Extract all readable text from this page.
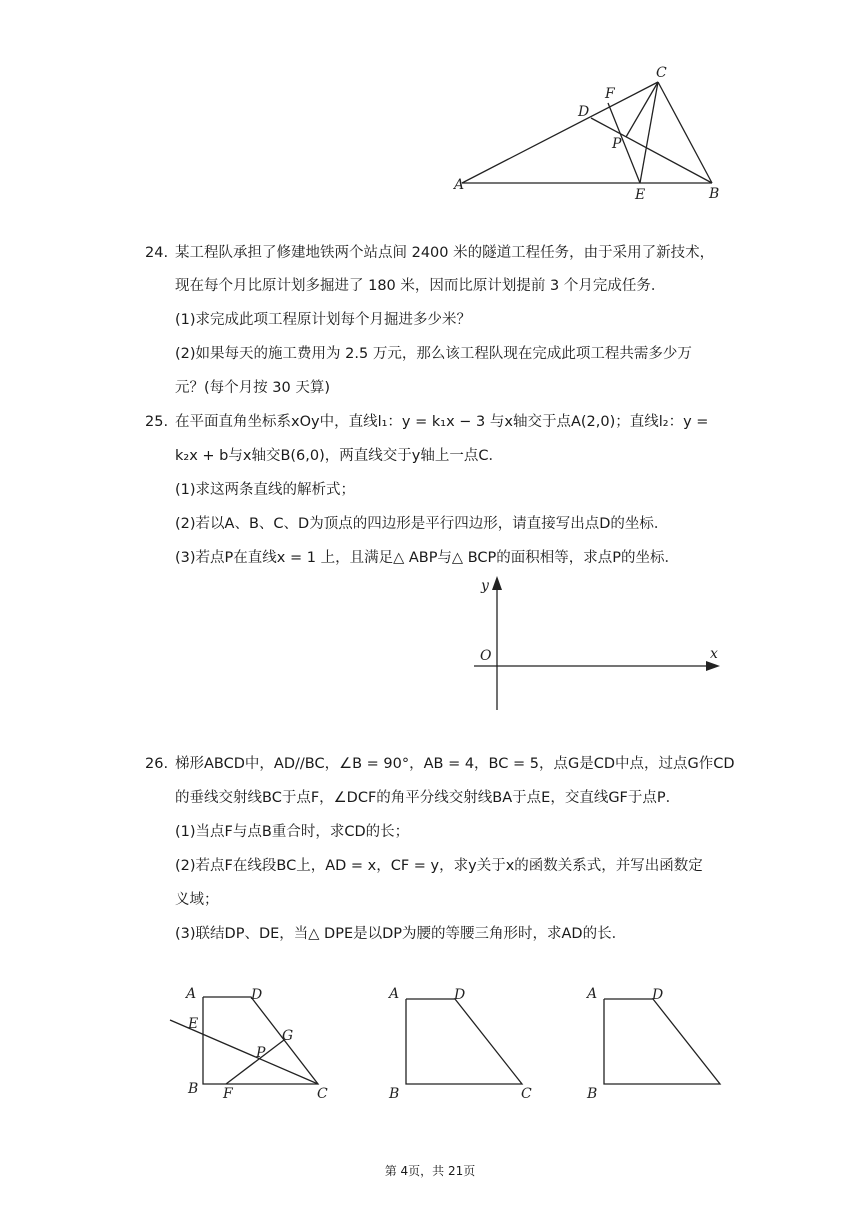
A
B
C
D
E
F
P
24. 某工程队承担了修建地铁两个站点间 2400 米的隧道工程任务，由于采用了新技术，
现在每个月比原计划多掘进了 180 米，因而比原计划提前 3 个月完成任务．
(1)求完成此项工程原计划每个月掘进多少米？
(2)如果每天的施工费用为 2.5 万元，那么该工程队现在完成此项工程共需多少万
元？(每个月按 30 天算)
25. 在平面直角坐标系xOy中，直线l₁：y = k₁x − 3 与x轴交于点A(2,0)；直线l₂：y =
k₂x + b与x轴交B(6,0)，两直线交于y轴上一点C．
(1)求这两条直线的解析式；
(2)若以A、B、C、D为顶点的四边形是平行四边形，请直接写出点D的坐标．
(3)若点P在直线x = 1 上，且满足△ ABP与△ BCP的面积相等，求点P的坐标．
y
x
O
26. 梯形ABCD中，AD//BC，∠B = 90°，AB = 4，BC = 5，点G是CD中点，过点G作CD
的垂线交射线BC于点F，∠DCF的角平分线交射线BA于点E，交直线GF于点P．
(1)当点F与点B重合时，求CD的长；
(2)若点F在线段BC上，AD = x，CF = y，求y关于x的函数关系式，并写出函数定
义域；
(3)联结DP、DE，当△ DPE是以DP为腰的等腰三角形时，求AD的长．
A	D
E
G
P
B F	C
A	D
B	C
A	D
B
第 4页，共 21页
